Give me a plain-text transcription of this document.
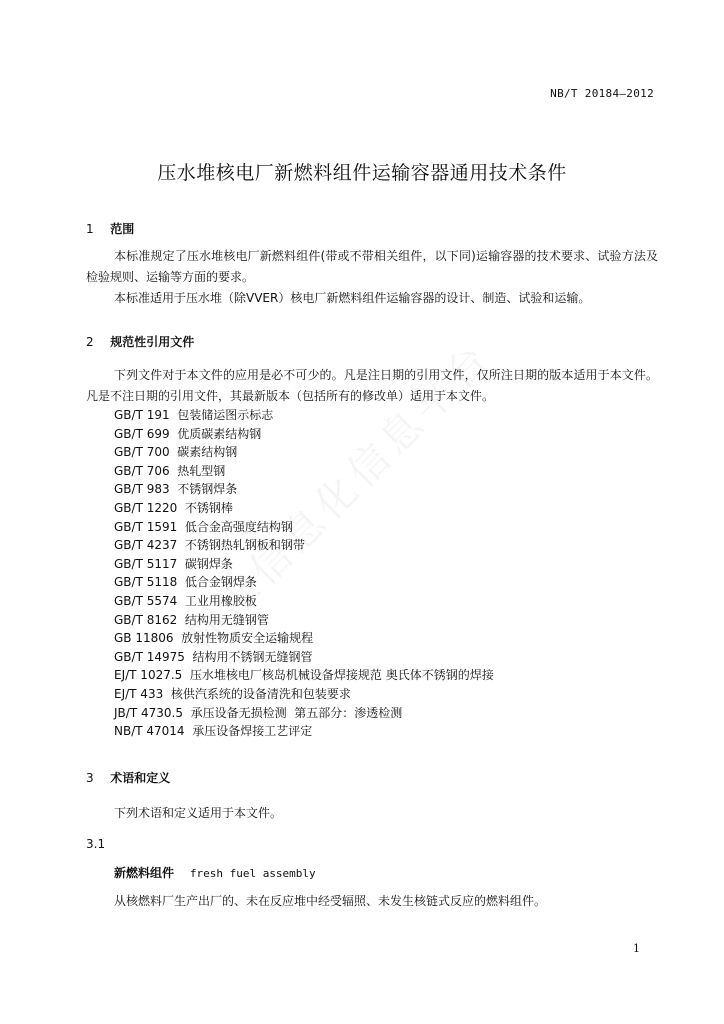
NB/T 20184—2012
压水堆核电厂新燃料组件运输容器通用技术条件
1 范围

本标准规定了压水堆核电厂新燃料组件(带或不带相关组件，以下同)运输容器的技术要求、试验方法及检验规则、运输等方面的要求。

本标准适用于压水堆（除VVER）核电厂新燃料组件运输容器的设计、制造、试验和运输。

2 规范性引用文件

下列文件对于本文件的应用是必不可少的。凡是注日期的引用文件，仅所注日期的版本适用于本文件。凡是不注日期的引用文件，其最新版本（包括所有的修改单）适用于本文件。

GB/T 191  包装储运图示标志
GB/T 699  优质碳素结构钢
GB/T 700  碳素结构钢
GB/T 706  热轧型钢
GB/T 983  不锈钢焊条
GB/T 1220  不锈钢棒
GB/T 1591  低合金高强度结构钢
GB/T 4237  不锈钢热轧钢板和钢带
GB/T 5117  碳钢焊条
GB/T 5118  低合金钢焊条
GB/T 5574  工业用橡胶板
GB/T 8162  结构用无缝钢管
GB 11806  放射性物质安全运输规程
GB/T 14975  结构用不锈钢无缝钢管
EJ/T 1027.5  压水堆核电厂核岛机械设备焊接规范 奥氏体不锈钢的焊接
EJ/T 433  核供汽系统的设备清洗和包装要求
JB/T 4730.5  承压设备无损检测  第五部分：渗透检测
NB/T 47014  承压设备焊接工艺评定
3 术语和定义

下列术语和定义适用于本文件。

3.1
新燃料组件 fresh fuel assembly
从核燃料厂生产出厂的、未在反应堆中经受辐照、未发生核链式反应的燃料组件。
1
